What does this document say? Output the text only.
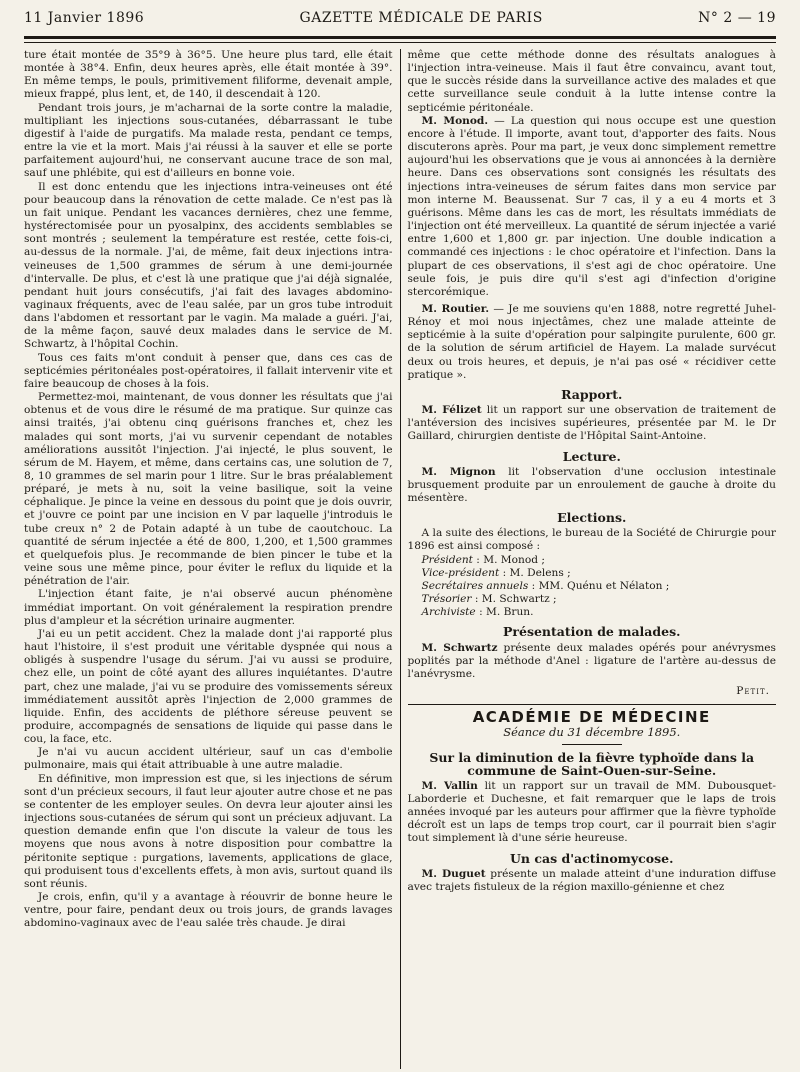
11 Janvier 1896	GAZETTE MÉDICALE DE PARIS	N° 2 — 19

ture était montée de 35°9 à 36°5. Une heure plus tard, elle était montée à 38°4. Enfin, deux heures après, elle était montée à 39°. En même temps, le pouls, primitivement filiforme, devenait ample, mieux frappé, plus lent, et, de 140, il descendait à 120.

Pendant trois jours, je m'acharnai de la sorte contre la maladie, multipliant les injections sous-cutanées, débarrassant le tube digestif à l'aide de purgatifs. Ma malade resta, pendant ce temps, entre la vie et la mort. Mais j'ai réussi à la sauver et elle se porte parfaitement aujourd'hui, ne conservant aucune trace de son mal, sauf une phlébite, qui est d'ailleurs en bonne voie.

Il est donc entendu que les injections intra-veineuses ont été pour beaucoup dans la rénovation de cette malade. Ce n'est pas là un fait unique. Pendant les vacances dernières, chez une femme, hystérectomisée pour un pyosalpinx, des accidents semblables se sont montrés ; seulement la température est restée, cette fois-ci, au-dessus de la normale. J'ai, de même, fait deux injections intra-veineuses de 1,500 grammes de sérum à une demi-journée d'intervalle. De plus, et c'est là une pratique que j'ai déjà signalée, pendant huit jours consécutifs, j'ai fait des lavages abdomino-vaginaux fréquents, avec de l'eau salée, par un gros tube introduit dans l'abdomen et ressortant par le vagin. Ma malade a guéri. J'ai, de la même façon, sauvé deux malades dans le service de M. Schwartz, à l'hôpital Cochin.

Tous ces faits m'ont conduit à penser que, dans ces cas de septicémies péritonéales post-opératoires, il fallait intervenir vite et faire beaucoup de choses à la fois.

Permettez-moi, maintenant, de vous donner les résultats que j'ai obtenus et de vous dire le résumé de ma pratique. Sur quinze cas ainsi traités, j'ai obtenu cinq guérisons franches et, chez les malades qui sont morts, j'ai vu survenir cependant de notables améliorations aussitôt l'injection. J'ai injecté, le plus souvent, le sérum de M. Hayem, et même, dans certains cas, une solution de 7, 8, 10 grammes de sel marin pour 1 litre. Sur le bras préalablement préparé, je mets à nu, soit la veine basilique, soit la veine céphalique. Je pince la veine en dessous du point que je dois ouvrir, et j'ouvre ce point par une incision en V par laquelle j'introduis le tube creux n° 2 de Potain adapté à un tube de caoutchouc. La quantité de sérum injectée a été de 800, 1,200, et 1,500 grammes et quelquefois plus. Je recommande de bien pincer le tube et la veine sous une même pince, pour éviter le reflux du liquide et la pénétration de l'air.

L'injection étant faite, je n'ai observé aucun phénomène immédiat important. On voit généralement la respiration prendre plus d'ampleur et la sécrétion urinaire augmenter.

J'ai eu un petit accident. Chez la malade dont j'ai rapporté plus haut l'histoire, il s'est produit une véritable dyspnée qui nous a obligés à suspendre l'usage du sérum. J'ai vu aussi se produire, chez elle, un point de côté ayant des allures inquiétantes. D'autre part, chez une malade, j'ai vu se produire des vomissements séreux immédiatement aussitôt après l'injection de 2,000 grammes de liquide. Enfin, des accidents de pléthore séreuse peuvent se produire, accompagnés de sensations de liquide qui passe dans le cou, la face, etc.

Je n'ai vu aucun accident ultérieur, sauf un cas d'embolie pulmonaire, mais qui était attribuable à une autre maladie.

En définitive, mon impression est que, si les injections de sérum sont d'un précieux secours, il faut leur ajouter autre chose et ne pas se contenter de les employer seules. On devra leur ajouter ainsi les injections sous-cutanées de sérum qui sont un précieux adjuvant. La question demande enfin que l'on discute la valeur de tous les moyens que nous avons à notre disposition pour combattre la péritonite septique : purgations, lavements, applications de glace, qui produisent tous d'excellents effets, à mon avis, surtout quand ils sont réunis.

Je crois, enfin, qu'il y a avantage à réouvrir de bonne heure le ventre, pour faire, pendant deux ou trois jours, de grands lavages abdomino-vaginaux avec de l'eau salée très chaude. Je dirai

même que cette méthode donne des résultats analogues à l'injection intra-veineuse. Mais il faut être convaincu, avant tout, que le succès réside dans la surveillance active des malades et que cette surveillance seule conduit à la lutte intense contre la septicémie péritonéale.

M. Monod. — La question qui nous occupe est une question encore à l'étude. Il importe, avant tout, d'apporter des faits. Nous discuterons après. Pour ma part, je veux donc simplement remettre aujourd'hui les observations que je vous ai annoncées à la dernière heure. Dans ces observations sont consignés les résultats des injections intra-veineuses de sérum faites dans mon service par mon interne M. Beaussenat. Sur 7 cas, il y a eu 4 morts et 3 guérisons. Même dans les cas de mort, les résultats immédiats de l'injection ont été merveilleux. La quantité de sérum injectée a varié entre 1,600 et 1,800 gr. par injection. Une double indication a commandé ces injections : le choc opératoire et l'infection. Dans la plupart de ces observations, il s'est agi de choc opératoire. Une seule fois, je puis dire qu'il s'est agi d'infection d'origine stercorémique.

M. Routier. — Je me souviens qu'en 1888, notre regretté Juhel-Rénoy et moi nous injectâmes, chez une malade atteinte de septicémie à la suite d'opération pour salpingite purulente, 600 gr. de la solution de sérum artificiel de Hayem. La malade survécut deux ou trois heures, et depuis, je n'ai pas osé « récidiver cette pratique ».

Rapport.

M. Félizet lit un rapport sur une observation de traitement de l'antéversion des incisives supérieures, présentée par M. le Dr Gaillard, chirurgien dentiste de l'Hôpital Saint-Antoine.

Lecture.

M. Mignon lit l'observation d'une occlusion intestinale brusquement produite par un enroulement de gauche à droite du mésentère.

Elections.

A la suite des élections, le bureau de la Société de Chirurgie pour 1896 est ainsi composé :

Président : M. Monod ;

Vice-président : M. Delens ;

Secrétaires annuels : MM. Quénu et Nélaton ;

Trésorier : M. Schwartz ;

Archiviste : M. Brun.

Présentation de malades.

M. Schwartz présente deux malades opérés pour anévrysmes poplités par la méthode d'Anel : ligature de l'artère au-dessus de l'anévrysme.

Petit.
ACADÉMIE DE MÉDECINE
Séance du 31 décembre 1895.
Sur la diminution de la fièvre typhoïde dans la commune de Saint-Ouen-sur-Seine.

M. Vallin lit un rapport sur un travail de MM. Dubousquet-Laborderie et Duchesne, et fait remarquer que le laps de trois années invoqué par les auteurs pour affirmer que la fièvre typhoïde décroît est un laps de temps trop court, car il pourrait bien s'agir tout simplement là d'une série heureuse.

Un cas d'actinomycose.

M. Duguet présente un malade atteint d'une induration diffuse avec trajets fistuleux de la région maxillo-génienne et chez
